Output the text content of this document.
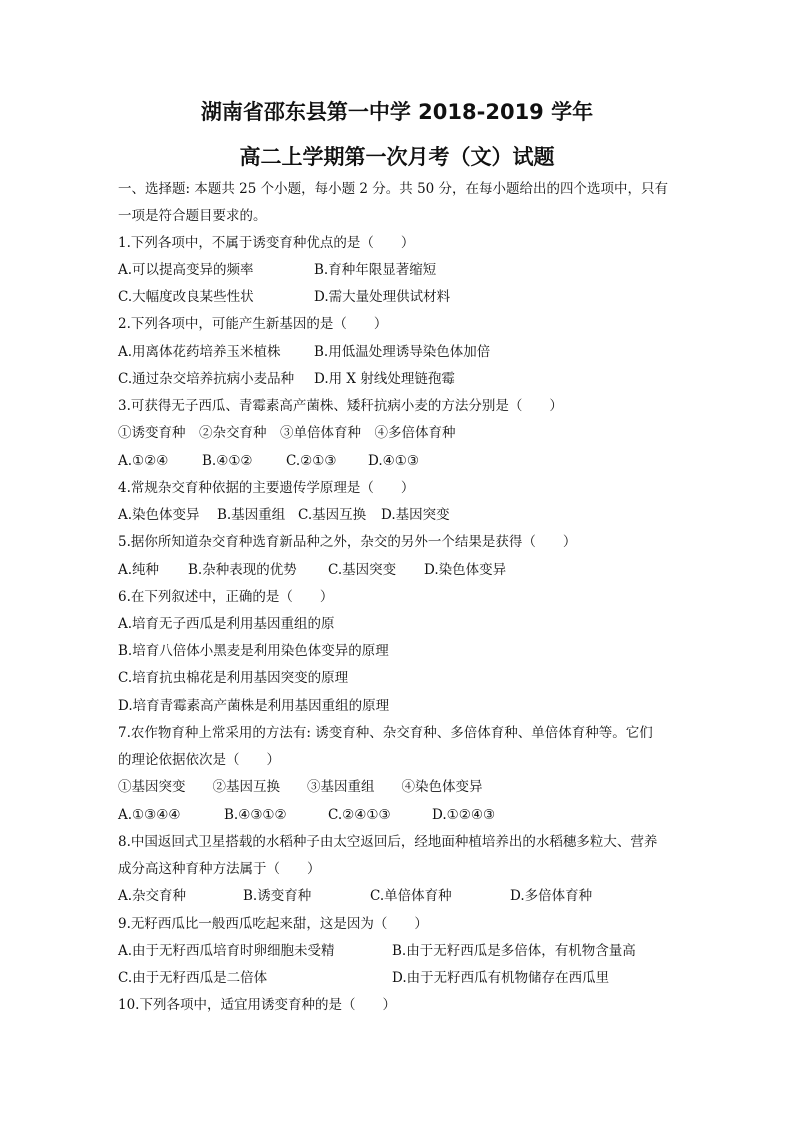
湖南省邵东县第一中学 2018-2019 学年
高二上学期第一次月考（文）试题
一、选择题: 本题共 25 个小题，每小题 2 分。共 50 分，在每小题给出的四个选项中，只有
一项是符合题目要求的。
1.下列各项中，不属于诱变育种优点的是（　　）
A.可以提高变异的频率	B.育种年限显著缩短
C.大幅度改良某些性状	D.需大量处理供试材料
2.下列各项中，可能产生新基因的是（　　）
A.用离体花药培养玉米植株 B.用低温处理诱导染色体加倍
C.通过杂交培养抗病小麦品种 D.用 X 射线处理链孢霉
3.可获得无子西瓜、青霉素高产菌株、矮秆抗病小麦的方法分别是（　　）
①诱变育种　②杂交育种　③单倍体育种　④多倍体育种
A.①②④ B.④①② C.②①③ D.④①③
4.常规杂交育种依据的主要遗传学原理是（　　）
A.染色体变异 B.基因重组 C.基因互换 D.基因突变
5.据你所知道杂交育种选育新品种之外，杂交的另外一个结果是获得（　　）
A.纯种 B.杂种表现的优势 C.基因突变 D.染色体变异
6.在下列叙述中，正确的是（　　）
A.培育无子西瓜是利用基因重组的原
B.培育八倍体小黑麦是利用染色体变异的原理
C.培育抗虫棉花是利用基因突变的原理
D.培育青霉素高产菌株是利用基因重组的原理
7.农作物育种上常采用的方法有: 诱变育种、杂交育种、多倍体育种、单倍体育种等。它们
的理论依据依次是（　　）
①基因突变　　②基因互换　　③基因重组　　④染色体变异
A.①③④④	B.④③①②	C.②④①③	D.①②④③
8.中国返回式卫星搭载的水稻种子由太空返回后，经地面种植培养出的水稻穗多粒大、营养
成分高这种育种方法属于（　　）
A.杂交育种	B.诱变育种	C.单倍体育种	D.多倍体育种
9.无籽西瓜比一般西瓜吃起来甜，这是因为（　　）
A.由于无籽西瓜培育时卵细胞未受精	B.由于无籽西瓜是多倍体，有机物含量高
C.由于无籽西瓜是二倍体	D.由于无籽西瓜有机物储存在西瓜里
10.下列各项中，适宜用诱变育种的是（　　）
